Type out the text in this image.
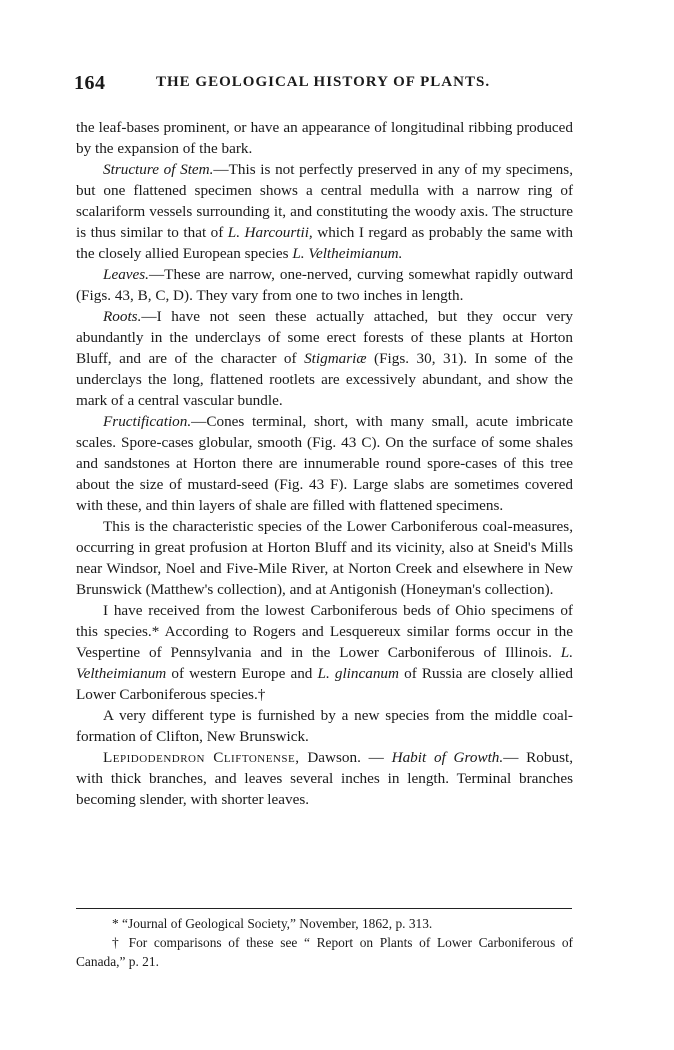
164	THE GEOLOGICAL HISTORY OF PLANTS.

the leaf-bases prominent, or have an appearance of longitudinal ribbing produced by the expansion of the bark.

Structure of Stem.—This is not perfectly preserved in any of my specimens, but one flattened specimen shows a central medulla with a narrow ring of scalariform vessels surrounding it, and constituting the woody axis. The structure is thus similar to that of L. Harcourtii, which I regard as probably the same with the closely allied European species L. Veltheimianum.

Leaves.—These are narrow, one-nerved, curving somewhat rapidly outward (Figs. 43, B, C, D). They vary from one to two inches in length.

Roots.—I have not seen these actually attached, but they occur very abundantly in the underclays of some erect forests of these plants at Horton Bluff, and are of the character of Stigmariæ (Figs. 30, 31). In some of the underclays the long, flattened rootlets are excessively abundant, and show the mark of a central vascular bundle.

Fructification.—Cones terminal, short, with many small, acute imbricate scales. Spore-cases globular, smooth (Fig. 43 C). On the surface of some shales and sandstones at Horton there are innumerable round spore-cases of this tree about the size of mustard-seed (Fig. 43 F). Large slabs are sometimes covered with these, and thin layers of shale are filled with flattened specimens.

This is the characteristic species of the Lower Carboniferous coal-measures, occurring in great profusion at Horton Bluff and its vicinity, also at Sneid's Mills near Windsor, Noel and Five-Mile River, at Norton Creek and elsewhere in New Brunswick (Matthew's collection), and at Antigonish (Honeyman's collection).

I have received from the lowest Carboniferous beds of Ohio specimens of this species.* According to Rogers and Lesquereux similar forms occur in the Vespertine of Pennsylvania and in the Lower Carboniferous of Illinois. L. Veltheimianum of western Europe and L. glincanum of Russia are closely allied Lower Carboniferous species.†

A very different type is furnished by a new species from the middle coal-formation of Clifton, New Brunswick.

Lepidodendron Cliftonense, Dawson. — Habit of Growth.— Robust, with thick branches, and leaves several inches in length. Terminal branches becoming slender, with shorter leaves.

* “Journal of Geological Society,” November, 1862, p. 313.

† For comparisons of these see “ Report on Plants of Lower Carboniferous of Canada,” p. 21.
